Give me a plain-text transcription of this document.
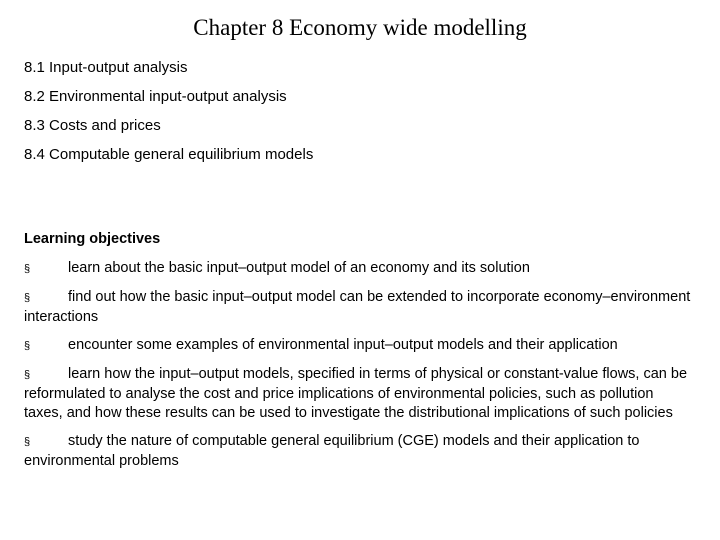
Chapter 8 Economy wide modelling
8.1 Input-output analysis
8.2 Environmental input-output analysis
8.3 Costs and prices
8.4 Computable general equilibrium models
Learning objectives
§	learn about the basic input–output model of an economy and its solution
§	find out how the basic input–output model can be extended to incorporate economy–environment interactions
§	encounter some examples of environmental input–output models and their application
§	learn how the input–output models, specified in terms of physical or constant-value flows, can be reformulated to analyse the cost and price implications of environmental policies, such as pollution taxes, and how these results can be used to investigate the distributional implications of such policies
§	study the nature of computable general equilibrium (CGE) models and their application to environmental problems
